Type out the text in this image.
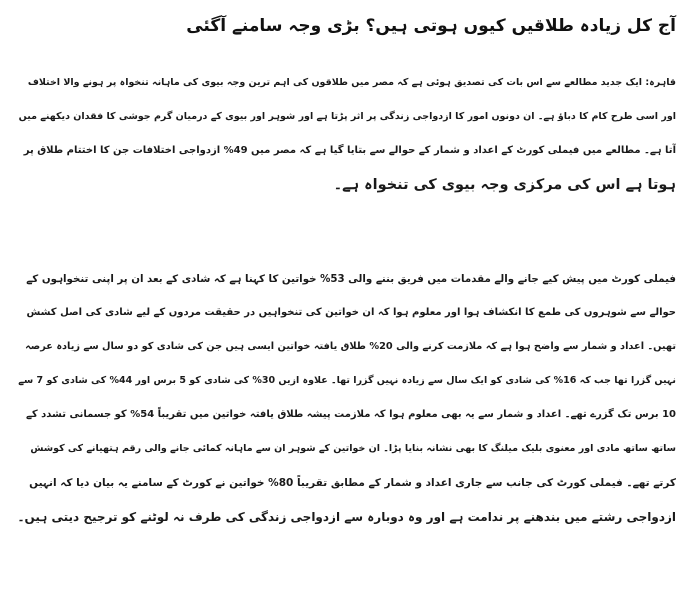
آج کل زیادہ طلاقیں کیوں ہوتی ہیں؟ بڑی وجہ سامنے آگئی

قاہرہ: ایک جدید مطالعے سے اس بات کی تصدیق ہوئی ہے کہ مصر میں طلاقوں کی اہم ترین وجہ بیوی کی ماہانہ تنخواہ پر ہونے والا اختلاف
اور اسی طرح کام کا دباؤ ہے۔ ان دونوں امور کا ازدواجی زندگی پر اثر پڑتا ہے اور شوہر اور بیوی کے درمیان گرم جوشی کا فقدان دیکھنے میں
آتا ہے۔ مطالعے میں فیملی کورٹ کے اعداد و شمار کے حوالے سے بتایا گیا ہے کہ مصر میں 49% ازدواجی اختلافات جن کا اختتام طلاق پر
ہوتا ہے اس کی مرکزی وجہ بیوی کی تنخواہ ہے۔

فیملی کورٹ میں پیش کیے جانے والے مقدمات میں فریق بننے والی 53% خواتین کا کہنا ہے کہ شادی کے بعد ان پر اپنی تنخواہوں کے
حوالے سے شوہروں کی طمع کا انکشاف ہوا اور معلوم ہوا کہ ان خواتین کی تنخواہیں در حقیقت مردوں کے لیے شادی کی اصل کشش
تھیں۔ اعداد و شمار سے واضح ہوا ہے کہ ملازمت کرنے والی 20% طلاق یافتہ خواتین ایسی ہیں جن کی شادی کو دو سال سے زیادہ عرصہ
نہیں گزرا تھا جب کہ 16% کی شادی کو ایک سال سے زیادہ نہیں گزرا تھا۔ علاوہ ازیں 30% کی شادی کو 5 برس اور 44% کی شادی کو 7 سے
10 برس تک گزرے تھے۔ اعداد و شمار سے یہ بھی معلوم ہوا کہ ملازمت پیشہ طلاق یافتہ خواتین میں تقریباً 54% کو جسمانی تشدد کے
ساتھ ساتھ مادی اور معنوی بلیک میلنگ کا بھی نشانہ بنایا پڑا۔ ان خواتین کے شوہر ان سے ماہانہ کمائی جانے والی رقم ہتھیانے کی کوشش
کرتے تھے۔ فیملی کورٹ کی جانب سے جاری اعداد و شمار کے مطابق تقریباً 80% خواتین نے کورٹ کے سامنے یہ بیان دیا کہ انہیں
ازدواجی رشتے میں بندھنے پر ندامت ہے اور وہ دوبارہ سے ازدواجی زندگی کی طرف نہ لوٹنے کو ترجیح دیتی ہیں۔
